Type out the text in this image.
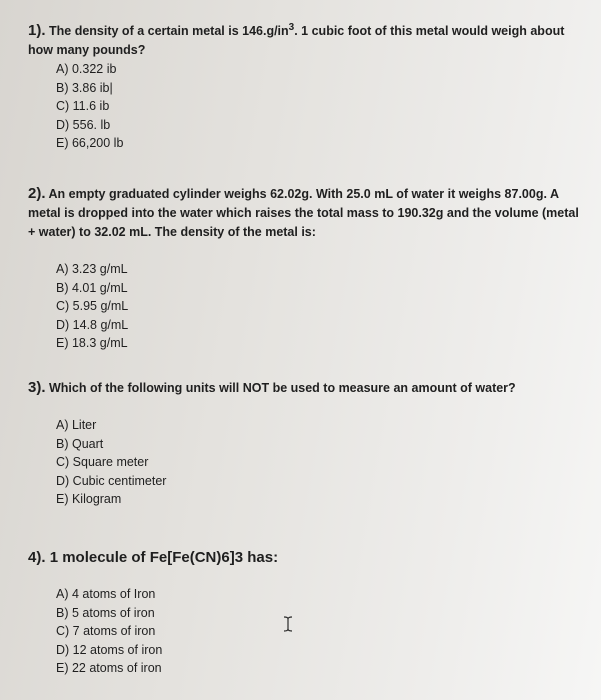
1). The density of a certain metal is $146.g/in^3$. 1 cubic foot of this metal would weigh about how many pounds?
A) 0.322 ib
B) 3.86 ib|
C) 11.6 ib
D) 556. lb
E) 66,200 lb
2). An empty graduated cylinder weighs 62.02g. With 25.0 mL of water it weighs 87.00g. A metal is dropped into the water which raises the total mass to 190.32g and the volume (metal + water) to 32.02 mL. The density of the metal is:
A) 3.23 g/mL
B) 4.01 g/mL
C) 5.95 g/mL
D) 14.8 g/mL
E) 18.3 g/mL
3). Which of the following units will NOT be used to measure an amount of water?
A) Liter
B) Quart
C) Square meter
D) Cubic centimeter
E) Kilogram
4). 1 molecule of Fe[Fe(CN)6]3 has:
A) 4 atoms of Iron
B) 5 atoms of iron
C) 7 atoms of iron
D) 12 atoms of iron
E) 22 atoms of iron
